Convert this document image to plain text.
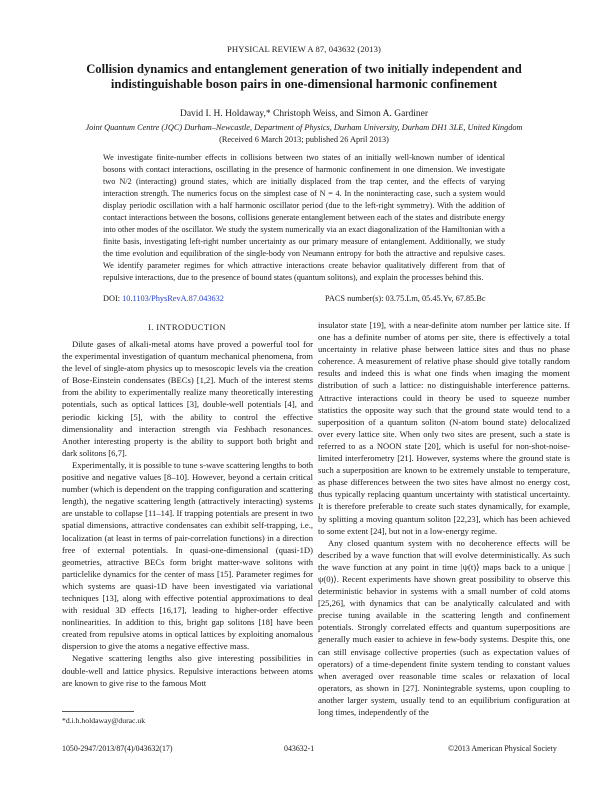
PHYSICAL REVIEW A 87, 043632 (2013)
Collision dynamics and entanglement generation of two initially independent and indistinguishable boson pairs in one-dimensional harmonic confinement
David I. H. Holdaway,* Christoph Weiss, and Simon A. Gardiner
Joint Quantum Centre (JQC) Durham–Newcastle, Department of Physics, Durham University, Durham DH1 3LE, United Kingdom
(Received 6 March 2013; published 26 April 2013)

We investigate finite-number effects in collisions between two states of an initially well-known number of identical bosons with contact interactions, oscillating in the presence of harmonic confinement in one dimension. We investigate two N/2 (interacting) ground states, which are initially displaced from the trap center, and the effects of varying interaction strength. The numerics focus on the simplest case of N = 4. In the noninteracting case, such a system would display periodic oscillation with a half harmonic oscillator period (due to the left-right symmetry). With the addition of contact interactions between the bosons, collisions generate entanglement between each of the states and distribute energy into other modes of the oscillator. We study the system numerically via an exact diagonalization of the Hamiltonian with a finite basis, investigating left-right number uncertainty as our primary measure of entanglement. Additionally, we study the time evolution and equilibration of the single-body von Neumann entropy for both the attractive and repulsive cases. We identify parameter regimes for which attractive interactions create behavior qualitatively different from that of repulsive interactions, due to the presence of bound states (quantum solitons), and explain the processes behind this.

DOI: 10.1103/PhysRevA.87.043632	PACS number(s): 03.75.Lm, 05.45.Yv, 67.85.Bc
I. INTRODUCTION

Dilute gases of alkali-metal atoms have proved a powerful tool for the experimental investigation of quantum mechanical phenomena, from the level of single-atom physics up to mesoscopic levels via the creation of Bose-Einstein condensates (BECs) [1,2]. Much of the interest stems from the ability to experimentally realize many theoretically interesting potentials, such as optical lattices [3], double-well potentials [4], and periodic kicking [5], with the ability to control the effective dimensionality and interaction strength via Feshbach resonances. Another interesting property is the ability to support both bright and dark solitons [6,7].

Experimentally, it is possible to tune s-wave scattering lengths to both positive and negative values [8–10]. However, beyond a certain critical number (which is dependent on the trapping configuration and scattering length), the negative scattering length (attractively interacting) systems are unstable to collapse [11–14]. If trapping potentials are present in two spatial dimensions, attractive condensates can exhibit self-trapping, i.e., localization (at least in terms of pair-correlation functions) in a direction free of external potentials. In quasi-one-dimensional (quasi-1D) geometries, attractive BECs form bright matter-wave solitons with particlelike dynamics for the center of mass [15]. Parameter regimes for which systems are quasi-1D have been investigated via variational techniques [13], along with effective potential approximations to deal with residual 3D effects [16,17], leading to higher-order effective nonlinearities. In addition to this, bright gap solitons [18] have been created from repulsive atoms in optical lattices by exploiting anomalous dispersion to give the atoms a negative effective mass.

Negative scattering lengths also give interesting possibilities in double-well and lattice physics. Repulsive interactions between atoms are known to give rise to the famous Mott

insulator state [19], with a near-definite atom number per lattice site. If one has a definite number of atoms per site, there is effectively a total uncertainty in relative phase between lattice sites and thus no phase coherence. A measurement of relative phase should give totally random results and indeed this is what one finds when imaging the moment distribution of such a lattice: no distinguishable interference patterns. Attractive interactions could in theory be used to squeeze number statistics the opposite way such that the ground state would tend to a superposition of a quantum soliton (N-atom bound state) delocalized over every lattice site. When only two sites are present, such a state is referred to as a NOON state [20], which is useful for non-shot-noise-limited interferometry [21]. However, systems where the ground state is such a superposition are known to be extremely unstable to temperature, as phase differences between the two sites have almost no energy cost, thus typically replacing quantum uncertainty with statistical uncertainty. It is therefore preferable to create such states dynamically, for example, by splitting a moving quantum soliton [22,23], which has been achieved to some extent [24], but not in a low-energy regime.

Any closed quantum system with no decoherence effects will be described by a wave function that will evolve deterministically. As such the wave function at any point in time |ψ(t)⟩ maps back to a unique |ψ(0)⟩. Recent experiments have shown great possibility to observe this deterministic behavior in systems with a small number of cold atoms [25,26], with dynamics that can be analytically calculated and with precise tuning available in the scattering length and confinement potentials. Strongly correlated effects and quantum superpositions are generally much easier to achieve in few-body systems. Despite this, one can still envisage collective properties (such as expectation values of operators) of a time-dependent finite system tending to constant values when averaged over reasonable time scales or relaxation of local operators, as shown in [27]. Nonintegrable systems, upon coupling to another larger system, usually tend to an equilibrium configuration at long times, independently of the

*d.i.h.holdaway@durac.uk
1050-2947/2013/87(4)/043632(17)	043632-1	©2013 American Physical Society
